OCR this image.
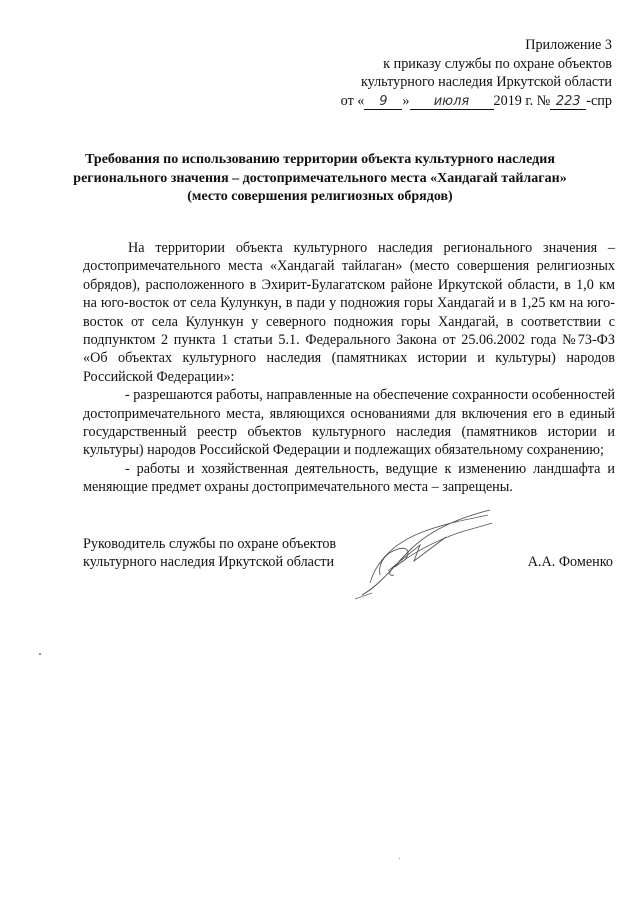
Приложение 3
к приказу службы по охране объектов
культурного наследия Иркутской области
от « 9 » июля 2019 г. № 223 -спр
Требования по использованию территории объекта культурного наследия
регионального значения – достопримечательного места «Хандагай тайлаган»
(место совершения религиозных обрядов)

На территории объекта культурного наследия регионального значения – достопримечательного места «Хандагай тайлаган» (место совершения религиозных обрядов), расположенного в Эхирит-Булагатском районе Иркутской области, в 1,0 км на юго-восток от села Кулункун, в пади у подножия горы Хандагай и в 1,25 км на юго-восток от села Кулункун у северного подножия горы Хандагай, в соответствии с подпунктом 2 пункта 1 статьи 5.1. Федерального Закона от 25.06.2002 года №73-ФЗ «Об объектах культурного наследия (памятниках истории и культуры) народов Российской Федерации»:

- разрешаются работы, направленные на обеспечение сохранности особенностей достопримечательного места, являющихся основаниями для включения его в единый государственный реестр объектов культурного наследия (памятников истории и культуры) народов Российской Федерации и подлежащих обязательному сохранению;

- работы и хозяйственная деятельность, ведущие к изменению ландшафта и меняющие предмет охраны достопримечательного места – запрещены.

Руководитель службы по охране объектов
культурного наследия Иркутской области	А.А. Фоменко
